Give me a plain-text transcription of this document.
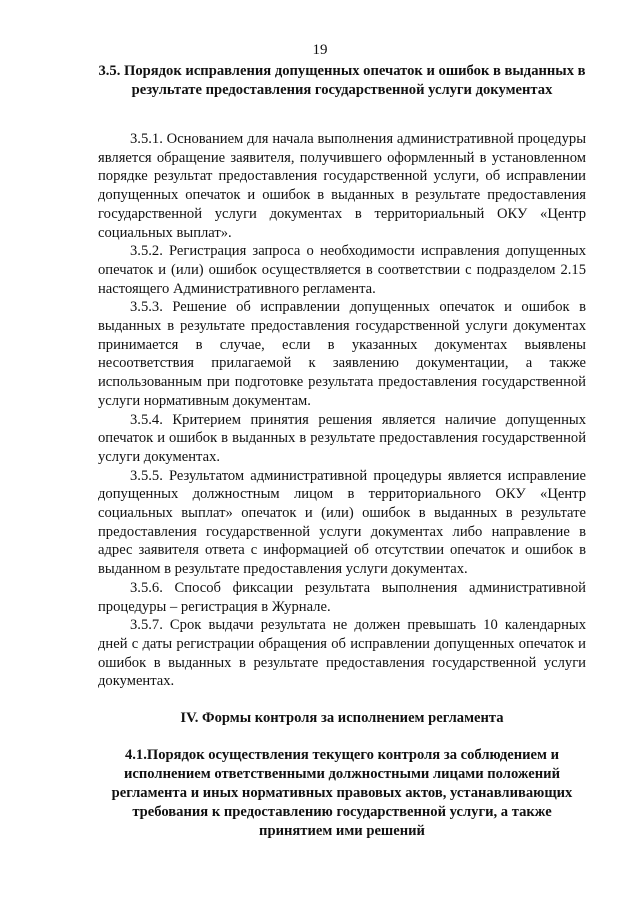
19
3.5. Порядок исправления допущенных опечаток и ошибок в выданных в результате предоставления государственной услуги документах

3.5.1. Основанием для начала выполнения административной процедуры является обращение заявителя, получившего оформленный в установленном порядке результат предоставления государственной услуги, об исправлении допущенных опечаток и ошибок в выданных в результате предоставления государственной услуги документах в территориальный ОКУ «Центр социальных выплат».

3.5.2. Регистрация запроса о необходимости исправления допущенных опечаток и (или) ошибок осуществляется в соответствии с подразделом 2.15 настоящего Административного регламента.

3.5.3. Решение об исправлении допущенных опечаток и ошибок в выданных в результате предоставления государственной услуги документах принимается в случае, если в указанных документах выявлены несоответствия прилагаемой к заявлению документации, а также использованным при подготовке результата предоставления государственной услуги нормативным документам.

3.5.4. Критерием принятия решения является наличие допущенных опечаток и ошибок в выданных в результате предоставления государственной услуги документах.

3.5.5. Результатом административной процедуры является исправление допущенных должностным лицом в территориального ОКУ «Центр социальных выплат» опечаток и (или) ошибок в выданных в результате предоставления государственной услуги документах либо направление в адрес заявителя ответа с информацией об отсутствии опечаток и ошибок в выданном в результате предоставления услуги документах.

3.5.6. Способ фиксации результата выполнения административной процедуры – регистрация в Журнале.

3.5.7. Срок выдачи результата не должен превышать 10 календарных дней с даты регистрации обращения об исправлении допущенных опечаток и ошибок в выданных в результате предоставления государственной услуги документах.

IV. Формы контроля за исполнением регламента
4.1.Порядок осуществления текущего контроля за соблюдением и исполнением ответственными должностными лицами положений регламента и иных нормативных правовых актов, устанавливающих требования к предоставлению государственной услуги, а также принятием ими решений
